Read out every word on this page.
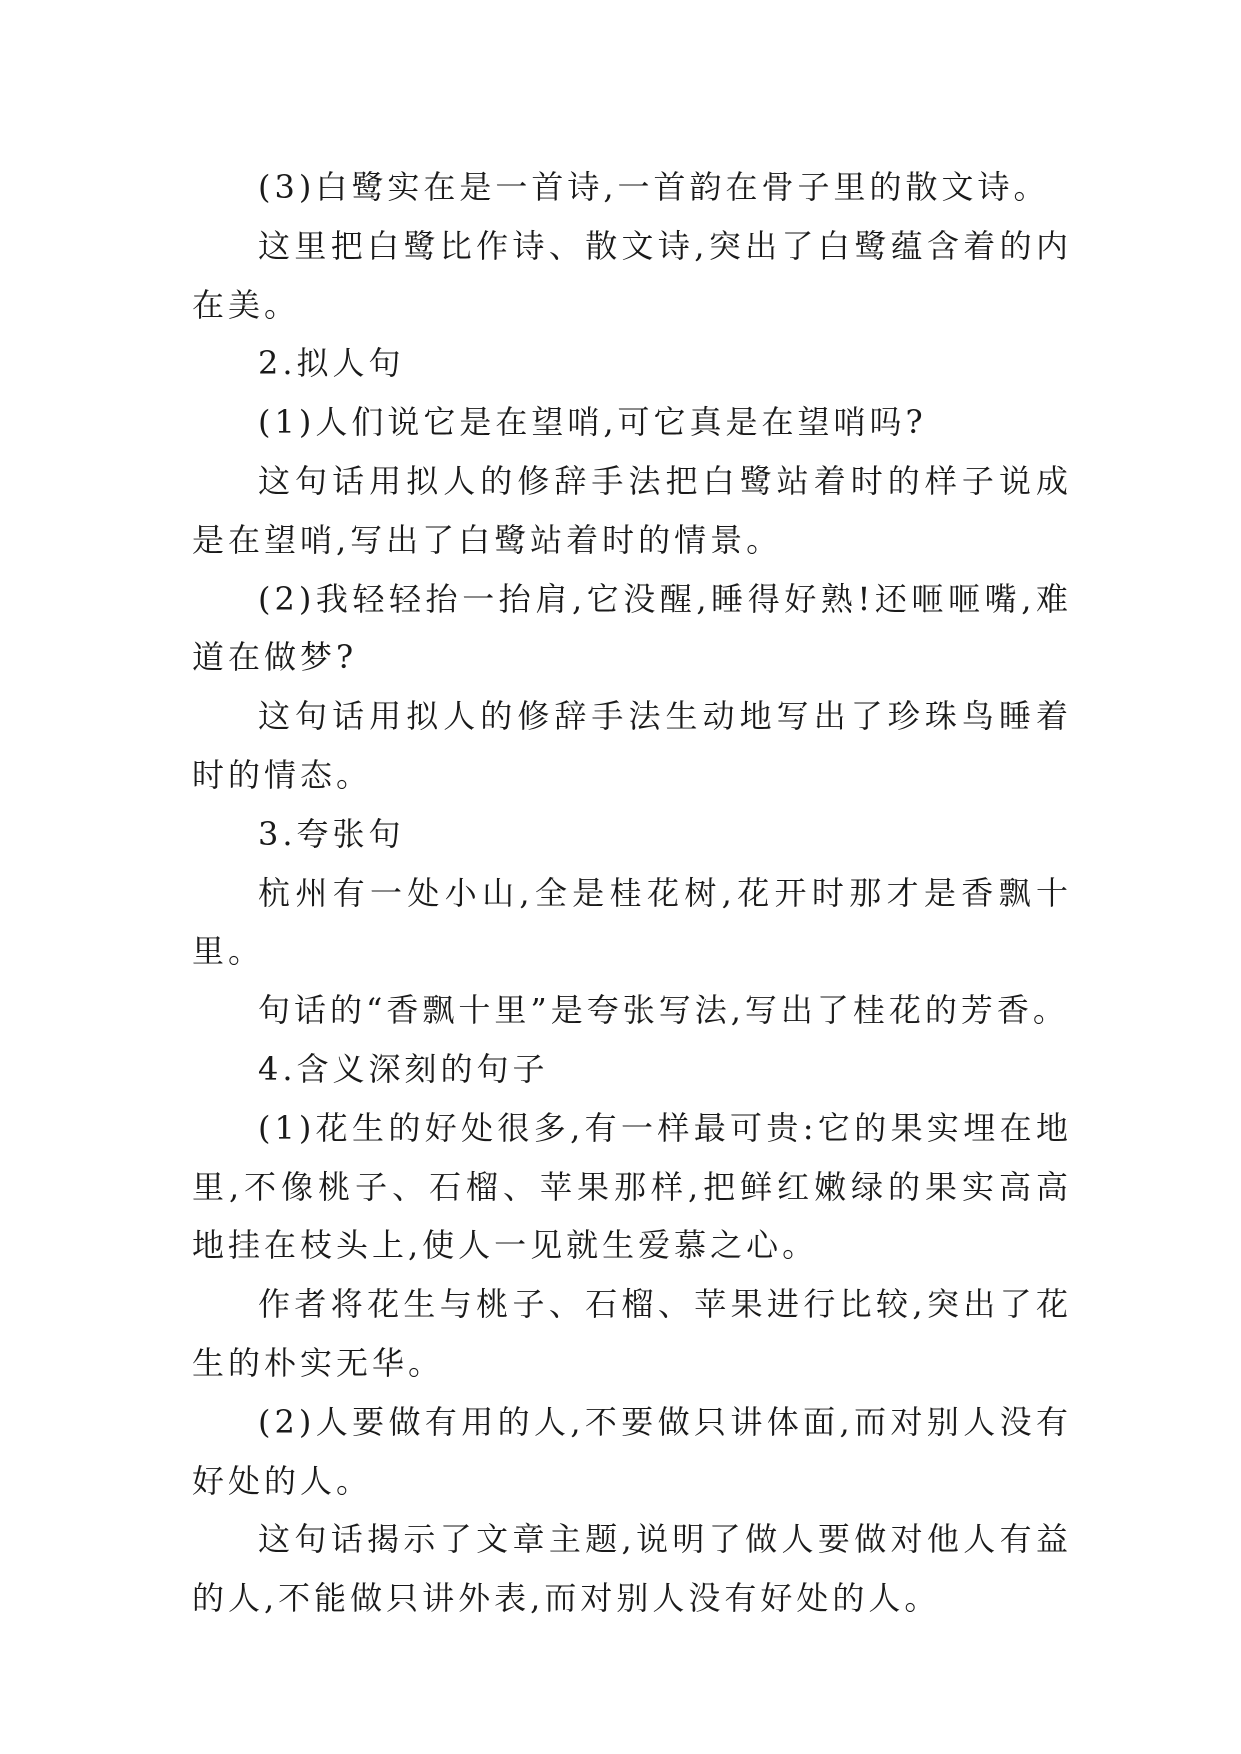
(3)白鹭实在是一首诗,一首韵在骨子里的散文诗。

这里把白鹭比作诗、散文诗,突出了白鹭蕴含着的内在美。

2.拟人句

(1)人们说它是在望哨,可它真是在望哨吗?

这句话用拟人的修辞手法把白鹭站着时的样子说成是在望哨,写出了白鹭站着时的情景。

(2)我轻轻抬一抬肩,它没醒,睡得好熟!还咂咂嘴,难道在做梦?

这句话用拟人的修辞手法生动地写出了珍珠鸟睡着时的情态。

3.夸张句

杭州有一处小山,全是桂花树,花开时那才是香飘十里。

句话的“香飘十里”是夸张写法,写出了桂花的芳香。

4.含义深刻的句子

(1)花生的好处很多,有一样最可贵:它的果实埋在地里,不像桃子、石榴、苹果那样,把鲜红嫩绿的果实高高地挂在枝头上,使人一见就生爱慕之心。

作者将花生与桃子、石榴、苹果进行比较,突出了花生的朴实无华。

(2)人要做有用的人,不要做只讲体面,而对别人没有好处的人。

这句话揭示了文章主题,说明了做人要做对他人有益的人,不能做只讲外表,而对别人没有好处的人。
